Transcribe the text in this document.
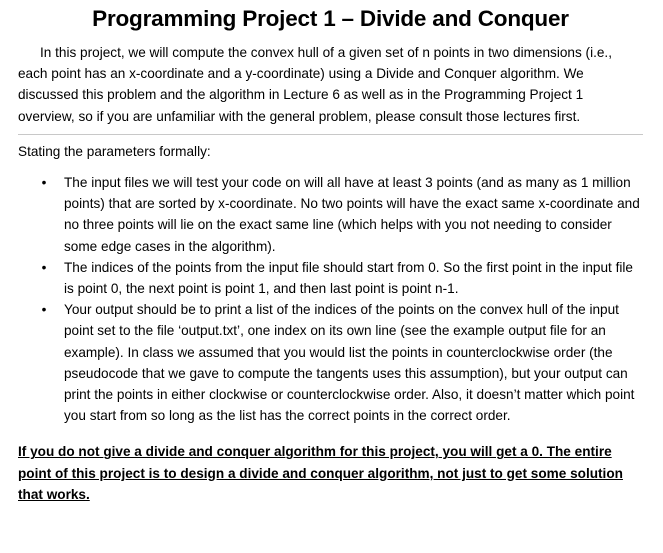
Programming Project 1 – Divide and Conquer

In this project, we will compute the convex hull of a given set of n points in two dimensions (i.e., each point has an x-coordinate and a y-coordinate) using a Divide and Conquer algorithm. We discussed this problem and the algorithm in Lecture 6 as well as in the Programming Project 1 overview, so if you are unfamiliar with the general problem, please consult those lectures first.

Stating the parameters formally:

• The input files we will test your code on will all have at least 3 points (and as many as 1 million points) that are sorted by x-coordinate. No two points will have the exact same x-coordinate and no three points will lie on the exact same line (which helps with you not needing to consider some edge cases in the algorithm).
• The indices of the points from the input file should start from 0. So the first point in the input file is point 0, the next point is point 1, and then last point is point n-1.
• Your output should be to print a list of the indices of the points on the convex hull of the input point set to the file ‘output.txt’, one index on its own line (see the example output file for an example). In class we assumed that you would list the points in counterclockwise order (the pseudocode that we gave to compute the tangents uses this assumption), but your output can print the points in either clockwise or counterclockwise order. Also, it doesn’t matter which point you start from so long as the list has the correct points in the correct order.

If you do not give a divide and conquer algorithm for this project, you will get a 0. The entire point of this project is to design a divide and conquer algorithm, not just to get some solution that works.
